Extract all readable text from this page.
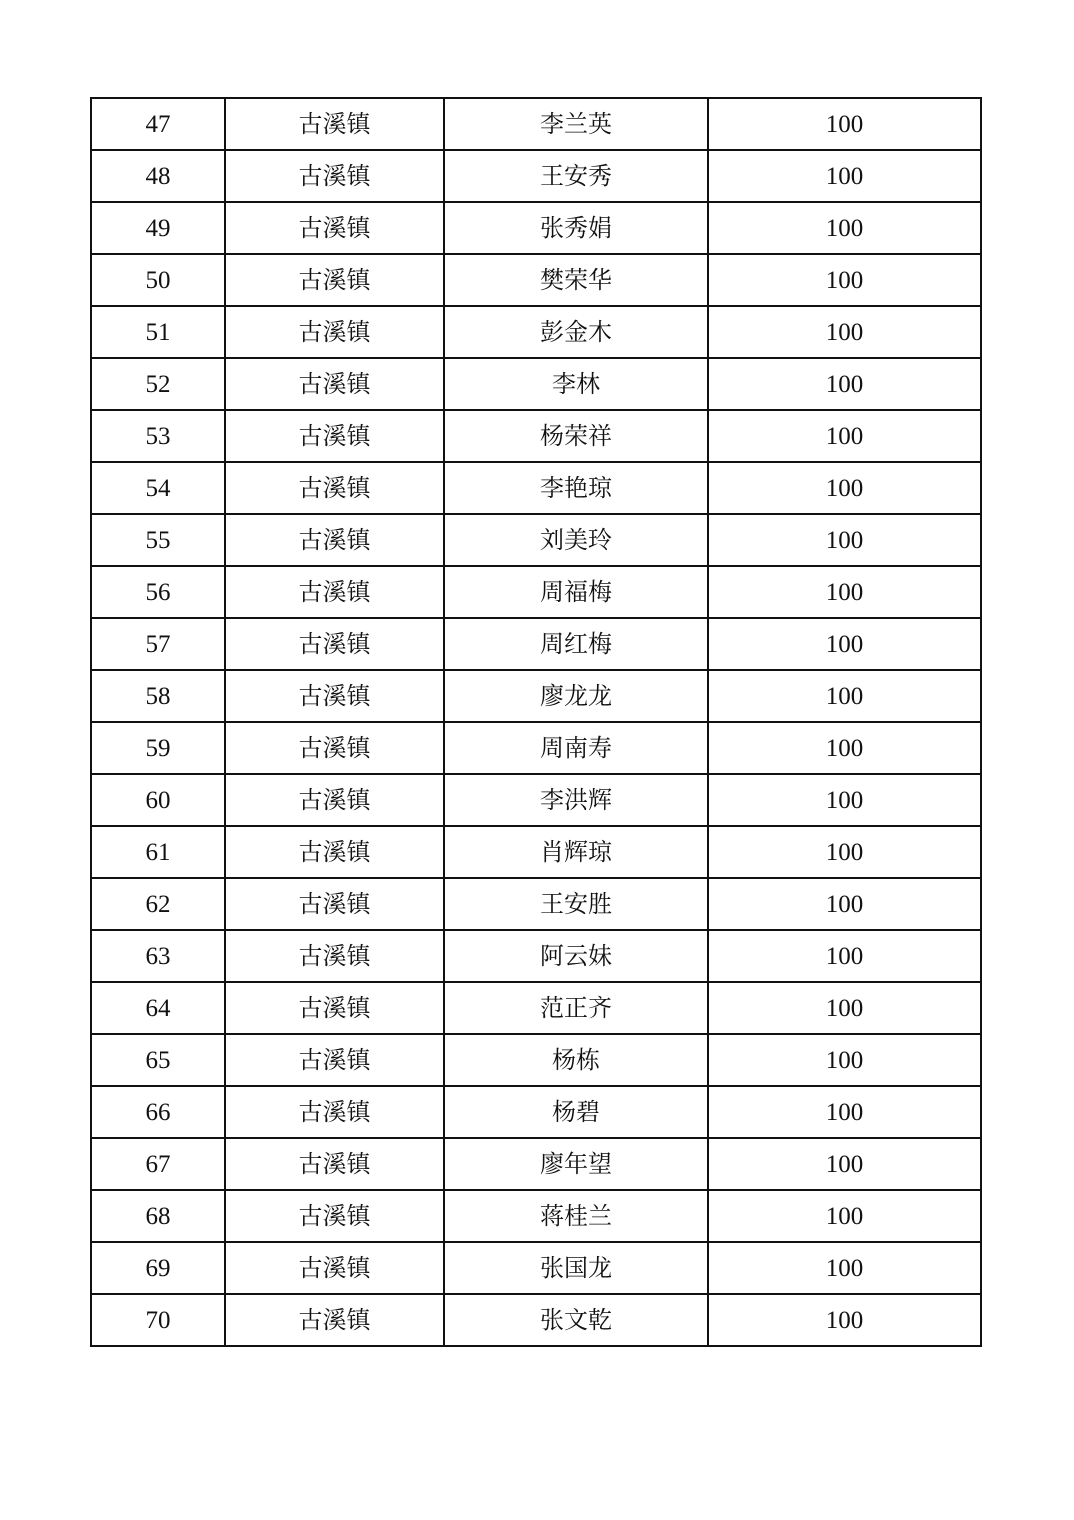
47	古溪镇	李兰英	100
48	古溪镇	王安秀	100
49	古溪镇	张秀娟	100
50	古溪镇	樊荣华	100
51	古溪镇	彭金木	100
52	古溪镇	李林	100
53	古溪镇	杨荣祥	100
54	古溪镇	李艳琼	100
55	古溪镇	刘美玲	100
56	古溪镇	周福梅	100
57	古溪镇	周红梅	100
58	古溪镇	廖龙龙	100
59	古溪镇	周南寿	100
60	古溪镇	李洪辉	100
61	古溪镇	肖辉琼	100
62	古溪镇	王安胜	100
63	古溪镇	阿云妹	100
64	古溪镇	范正齐	100
65	古溪镇	杨栋	100
66	古溪镇	杨碧	100
67	古溪镇	廖年望	100
68	古溪镇	蒋桂兰	100
69	古溪镇	张国龙	100
70	古溪镇	张文乾	100
